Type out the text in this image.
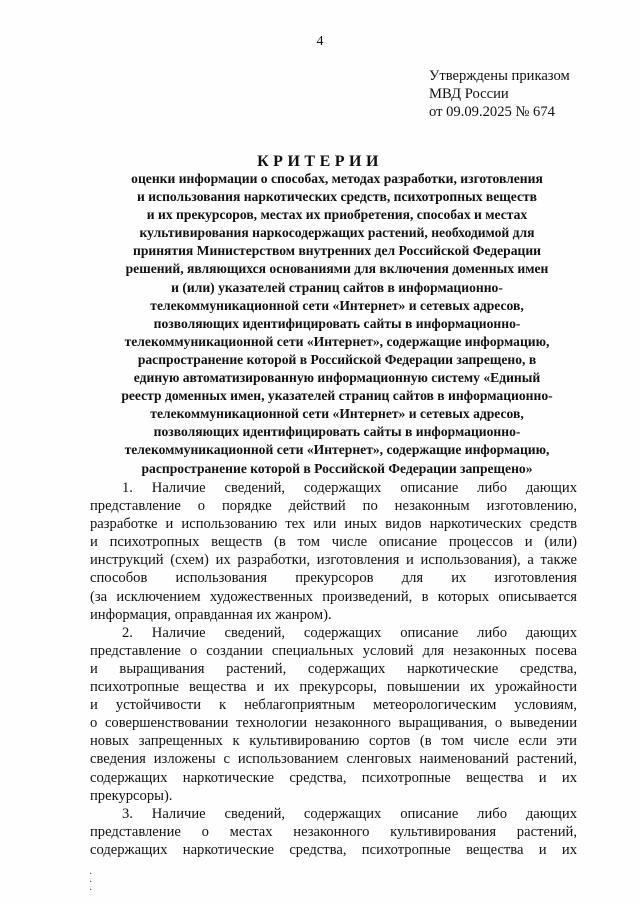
4
Утверждены приказом
МВД России
от 09.09.2025 № 674
КРИТЕРИИ
оценки информации о способах, методах разработки, изготовления
и использования наркотических средств, психотропных веществ
и их прекурсоров, местах их приобретения, способах и местах
культивирования наркосодержащих растений, необходимой для
принятия Министерством внутренних дел Российской Федерации
решений, являющихся основаниями для включения доменных имен
и (или) указателей страниц сайтов в информационно-
телекоммуникационной сети «Интернет» и сетевых адресов,
позволяющих идентифицировать сайты в информационно-
телекоммуникационной сети «Интернет», содержащие информацию,
распространение которой в Российской Федерации запрещено, в
единую автоматизированную информационную систему «Единый
реестр доменных имен, указателей страниц сайтов в информационно-
телекоммуникационной сети «Интернет» и сетевых адресов,
позволяющих идентифицировать сайты в информационно-
телекоммуникационной сети «Интернет», содержащие информацию,
распространение которой в Российской Федерации запрещено»
1. Наличие сведений, содержащих описание либо дающих
представление о порядке действий по незаконным изготовлению,
разработке и использованию тех или иных видов наркотических средств
и психотропных веществ (в том числе описание процессов и (или)
инструкций (схем) их разработки, изготовления и использования), а также
способов использования прекурсоров для их изготовления
(за исключением художественных произведений, в которых описывается
информация, оправданная их жанром).
2. Наличие сведений, содержащих описание либо дающих
представление о создании специальных условий для незаконных посева
и выращивания растений, содержащих наркотические средства,
психотропные вещества и их прекурсоры, повышении их урожайности
и устойчивости к неблагоприятным метеорологическим условиям,
о совершенствовании технологии незаконного выращивания, о выведении
новых запрещенных к культивированию сортов (в том числе если эти
сведения изложены с использованием сленговых наименований растений,
содержащих наркотические средства, психотропные вещества и их
прекурсоры).
3. Наличие сведений, содержащих описание либо дающих
представление о местах незаконного культивирования растений,
содержащих наркотические средства, психотропные вещества и их
·
·
·
